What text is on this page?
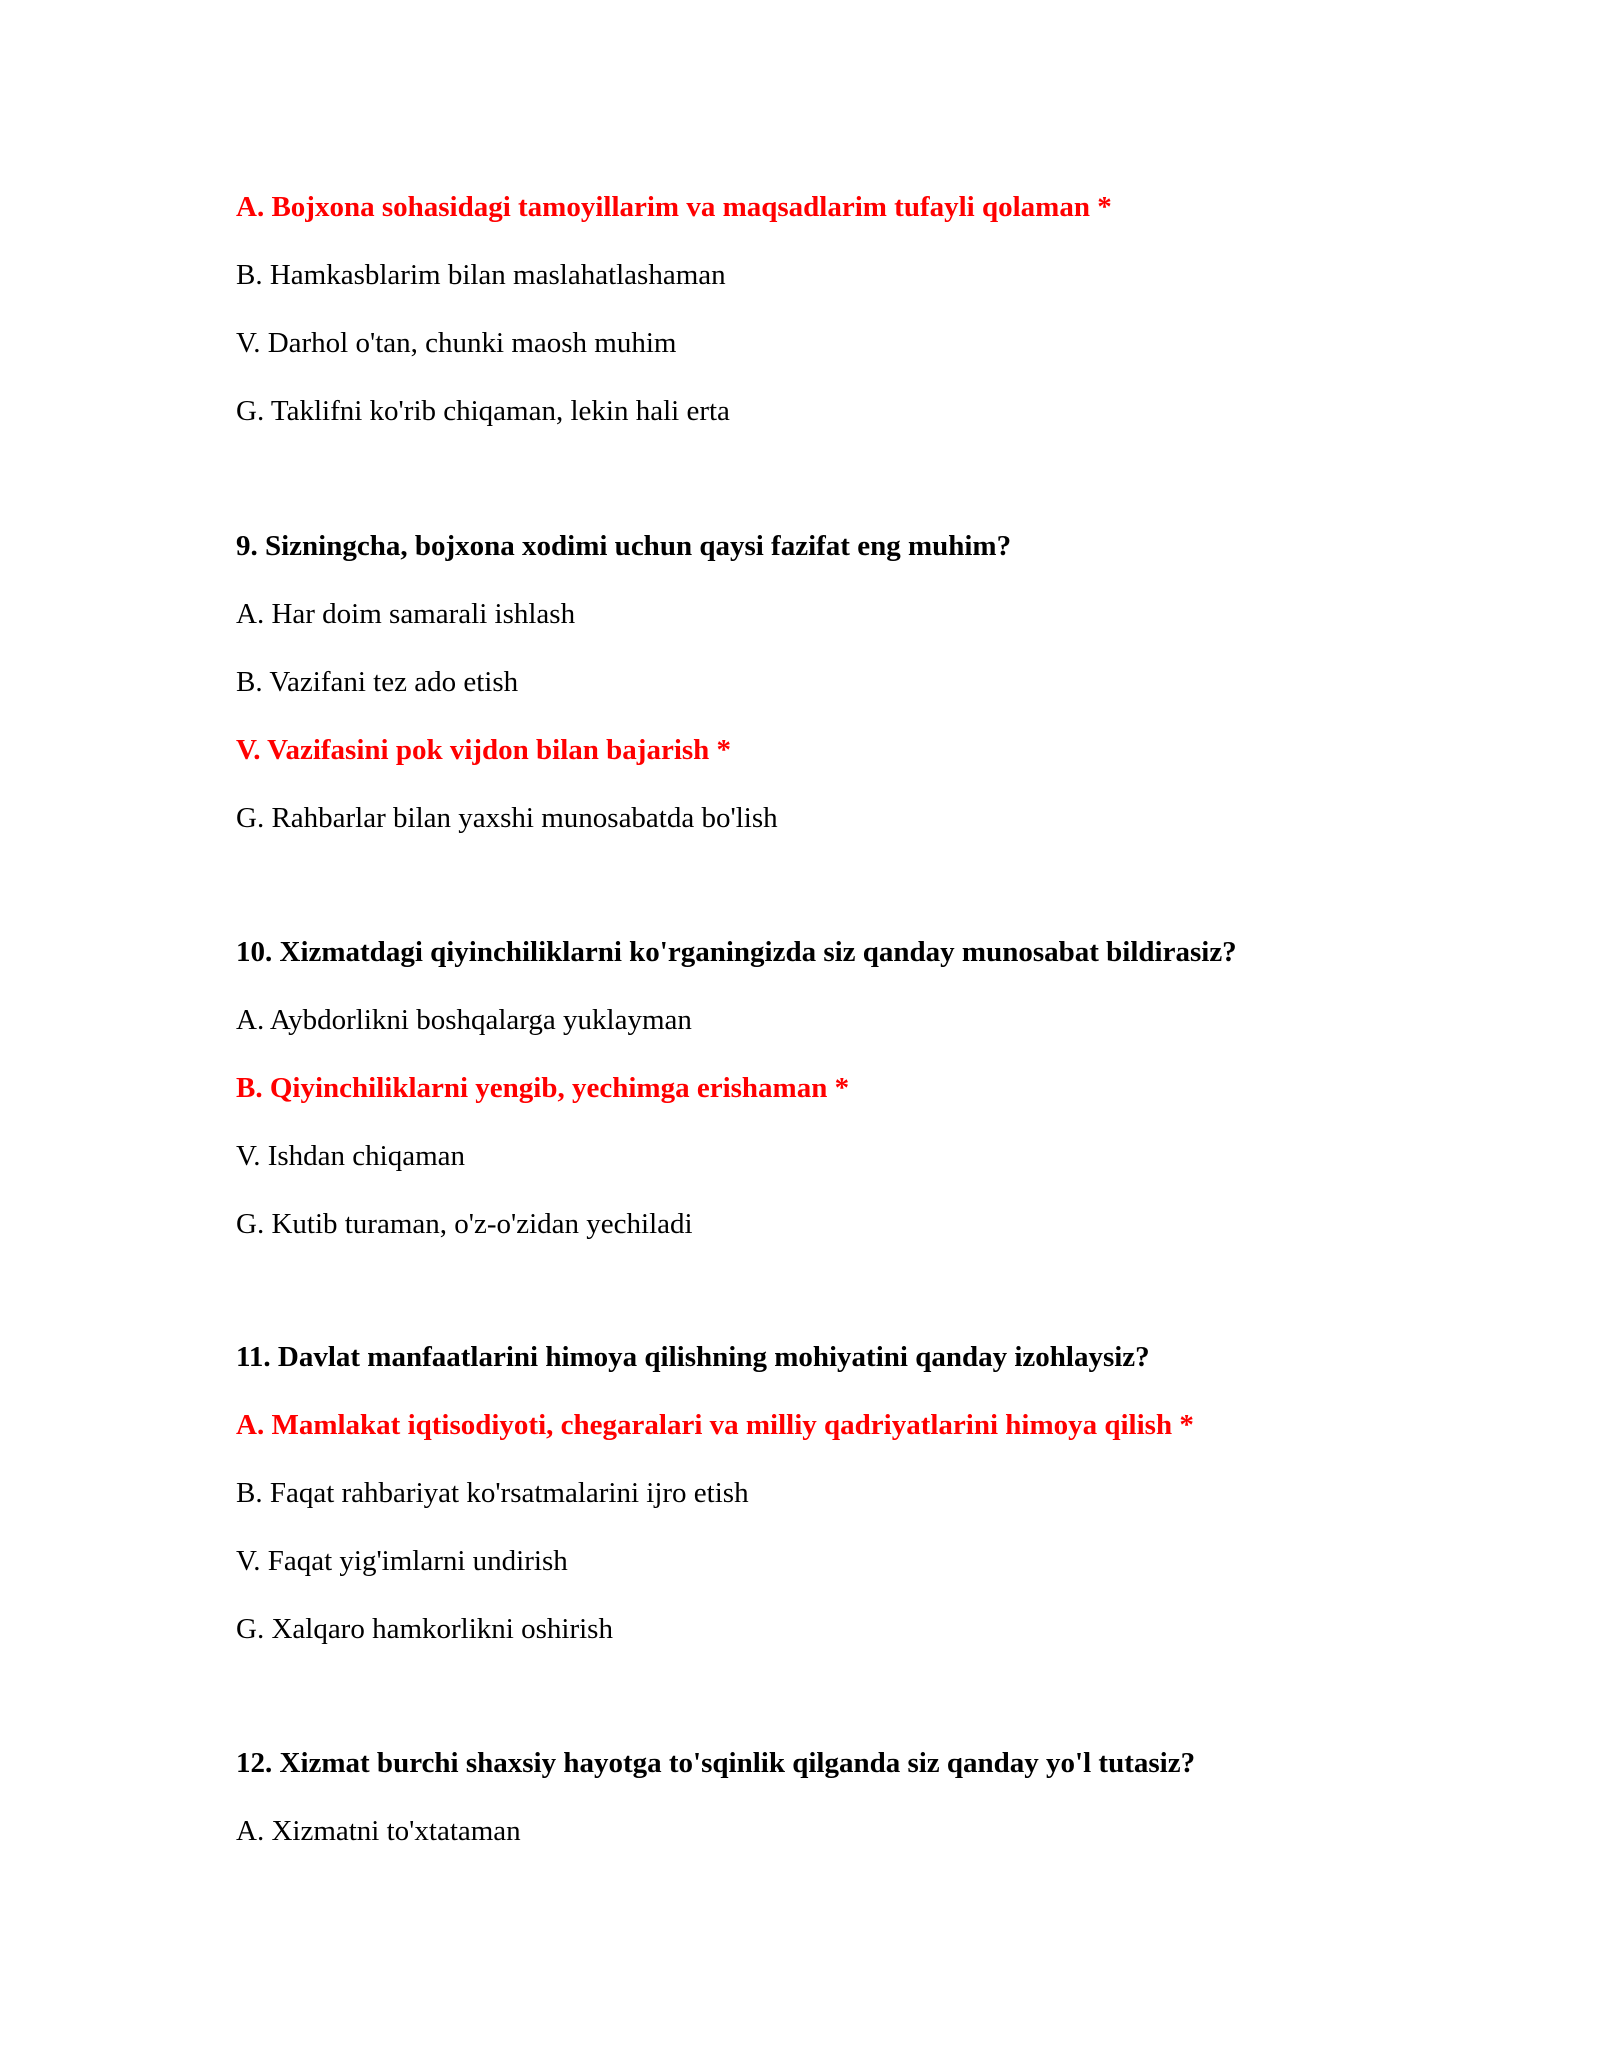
A. Bojxona sohasidagi tamoyillarim va maqsadlarim tufayli qolaman *
B. Hamkasblarim bilan maslahatlashaman
V. Darhol o'tan, chunki maosh muhim
G. Taklifni ko'rib chiqaman, lekin hali erta
9. Sizningcha, bojxona xodimi uchun qaysi fazifat eng muhim?
A. Har doim samarali ishlash
B. Vazifani tez ado etish
V. Vazifasini pok vijdon bilan bajarish *
G. Rahbarlar bilan yaxshi munosabatda bo'lish
10. Xizmatdagi qiyinchiliklarni ko'rganingizda siz qanday munosabat bildirasiz?
A. Aybdorlikni boshqalarga yuklayman
B. Qiyinchiliklarni yengib, yechimga erishaman *
V. Ishdan chiqaman
G. Kutib turaman, o'z-o'zidan yechiladi
11. Davlat manfaatlarini himoya qilishning mohiyatini qanday izohlaysiz?
A. Mamlakat iqtisodiyoti, chegaralari va milliy qadriyatlarini himoya qilish *
B. Faqat rahbariyat ko'rsatmalarini ijro etish
V. Faqat yig'imlarni undirish
G. Xalqaro hamkorlikni oshirish
12. Xizmat burchi shaxsiy hayotga to'sqinlik qilganda siz qanday yo'l tutasiz?
A. Xizmatni to'xtataman
